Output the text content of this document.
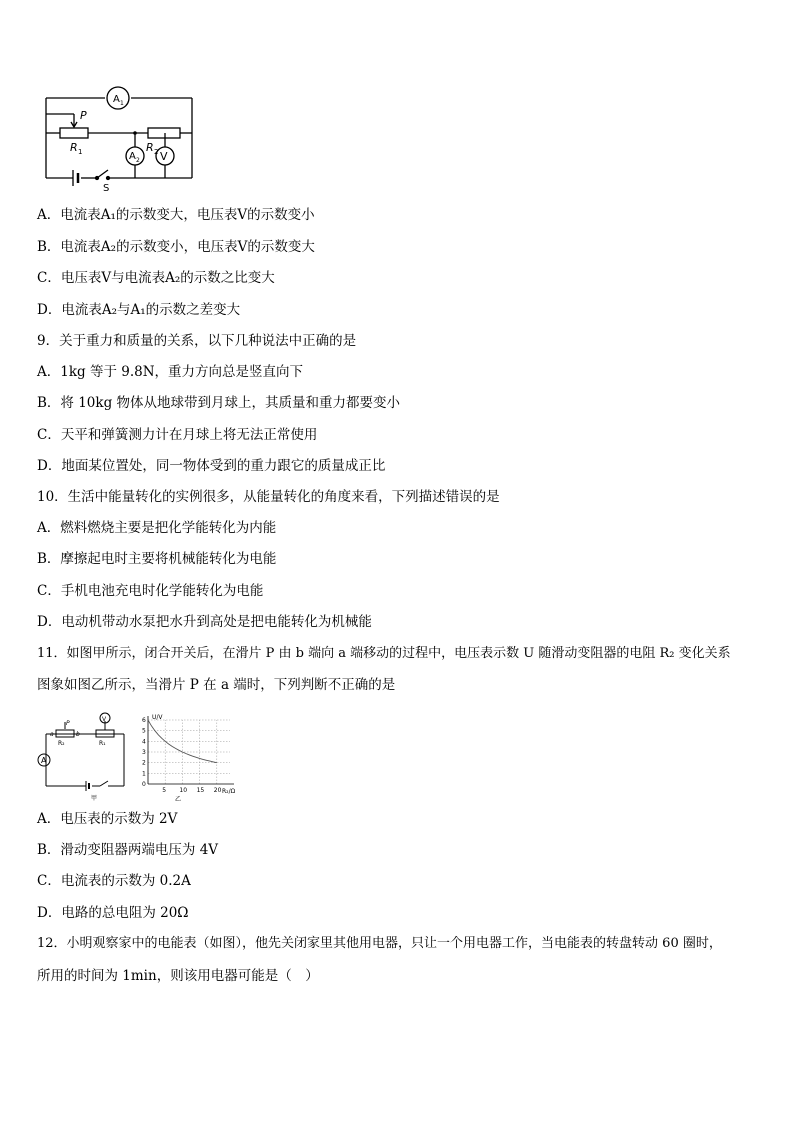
A 1
A 2 V
P
R 1	R 2
S
A．电流表A₁的示数变大，电压表Ⅴ的示数变小
B．电流表A₂的示数变小，电压表Ⅴ的示数变大
C．电压表Ⅴ与电流表A₂的示数之比变大
D．电流表A₂与A₁的示数之差变大
9．关于重力和质量的关系，以下几种说法中正确的是
A．1kg 等于 9.8N，重力方向总是竖直向下
B．将 10kg 物体从地球带到月球上，其质量和重力都要变小
C．天平和弹簧测力计在月球上将无法正常使用
D．地面某位置处，同一物体受到的重力跟它的质量成正比
10．生活中能量转化的实例很多，从能量转化的角度来看，下列描述错误的是
A．燃料燃烧主要是把化学能转化为内能
B．摩擦起电时主要将机械能转化为电能
C．手机电池充电时化学能转化为电能
D．电动机带动水泵把水升到高处是把电能转化为机械能
11．如图甲所示，闭合开关后，在滑片 P 由 b 端向 a 端移动的过程中，电压表示数 U 随滑动变阻器的电阻 R₂ 变化关系
图象如图乙所示，当滑片 P 在 a 端时，下列判断不正确的是
A
V
a	b
P
R₂	R₁
甲
6
5
4
3
2
1
0
5 10 15 20
U/V
R₂/Ω
乙
A．电压表的示数为 2V
B．滑动变阻器两端电压为 4V
C．电流表的示数为 0.2A
D．电路的总电阻为 20Ω
12．小明观察家中的电能表（如图），他先关闭家里其他用电器，只让一个用电器工作，当电能表的转盘转动 60 圈时，
所用的时间为 1min，则该用电器可能是（　）
